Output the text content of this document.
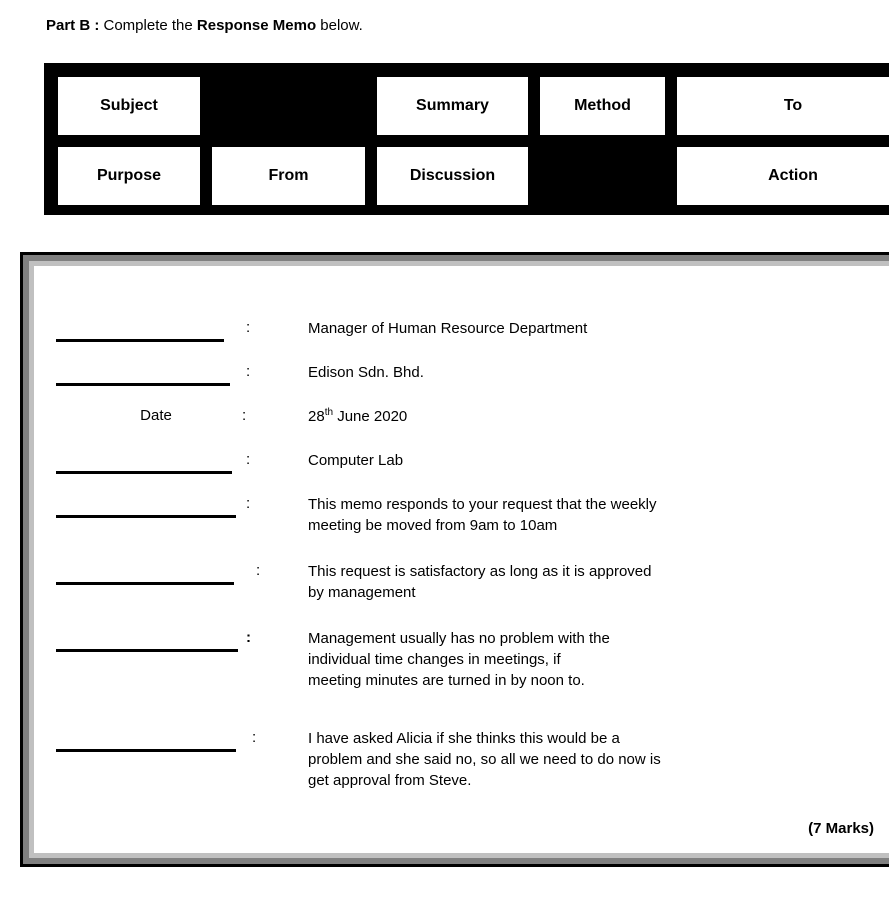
Part B : Complete the Response Memo below.
Subject		Summary	Method	To
Purpose	From	Discussion		Action
:	Manager of Human Resource Department
:	Edison Sdn. Bhd.
Date	:	28th June 2020
:	Computer Lab
:	This memo responds to your request that the weekly
meeting be moved from 9am to 10am
:	This request is satisfactory as long as it is approved
by management
:	Management usually has no problem with the
individual time changes in meetings, if
meeting minutes are turned in by noon to.
:	I have asked Alicia if she thinks this would be a
problem and she said no, so all we need to do now is
get approval from Steve.
(7 Marks)
